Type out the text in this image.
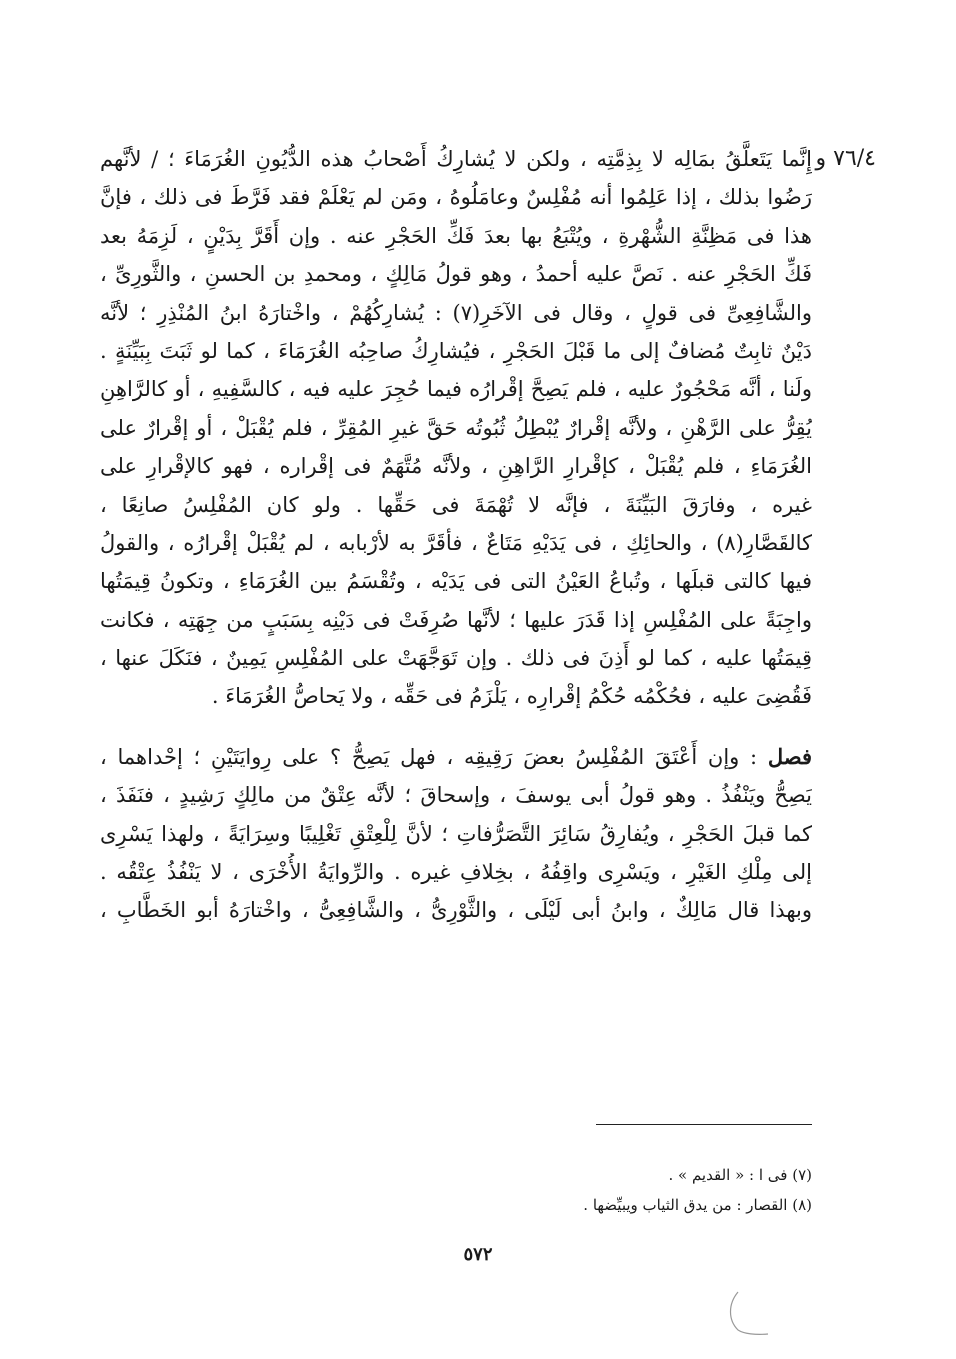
٧٦/٤ و
إِنَّما يَتَعلَّقُ بمَالِه لا بِذِمَّتِه ، ولكن لا يُشارِكُ أَصْحابُ هذه الدُّيُونِ الغُرَمَاءَ ؛ / لأنَّهم
رَضُوا بذلك ، إذا عَلِمُوا أنه مُفْلِسٌ وعامَلُوهُ ، ومَن لم يَعْلَمْ فقد فَرَّطَ فى ذلك ، فإنَّ
هذا فى مَظِنَّةِ الشُّهْرةِ ، ويُتْبَعُ بها بعدَ فَكِّ الحَجْرِ عنه . وإن أَقَرَّ بِدَيْنٍ ، لَزِمَهُ بعد
فَكِّ الحَجْرِ عنه . نَصَّ عليه أحمدُ ، وهو قولُ مَالِكٍ ، ومحمدِ بن الحسنِ ، والثَّورِىِّ ،
والشَّافِعِىِّ فى قولٍ ، وقال فى الآخَرِ(٧) : يُشارِكُهُمْ ، واخْتارَهُ ابنُ المُنْذِرِ ؛ لأنَّه
دَيْنٌ ثابِتٌ مُضافٌ إلى ما قَبْلَ الحَجْرِ ، فيُشارِكُ صاحِبُه الغُرَمَاءَ ، كما لو ثَبَتَ بِبَيِّنَةٍ .
ولَنا ، أنَّه مَحْجُورٌ عليه ، فلم يَصِحَّ إقْرارُه فيما حُجِرَ عليه فيه ، كالسَّفِيهِ ، أو كالرَّاهِنِ
يُقِرُّ على الرَّهْنِ ، ولأنَّه إقْرارٌ يُبْطِلُ ثُبُوتُه حَقَّ غيرِ المُقِرِّ ، فلم يُقْبَلْ ، أو إقْرارٌ على
الغُرَمَاءِ ، فلم يُقْبَلْ ، كإقْرارِ الرَّاهِنِ ، ولأنَّه مُتَّهَمٌ فى إقْراره ، فهو كالإقْرارِ على
غيره ، وفارَقَ البَيِّنَةَ ، فإنَّه لا تُهْمَةَ فى حَقِّها . ولو كان المُفْلِسُ صانِعًا ،
كالقَصَّارِ(٨) ، والحائِكِ ، فى يَدَيْهِ مَتَاعٌ ، فأقَرَّ به لأرْبابه ، لم يُقْبَلْ إقْرارُه ، والقولُ
فيها كالتى قبلَها ، وتُباعُ العَيْنُ التى فى يَدَيْه ، وتُقْسَمُ بين الغُرَمَاءِ ، وتكونُ قِيمَتُها
واجِبَةً على المُفْلِسِ إذا قَدَرَ عليها ؛ لأنَّها صُرِفَتْ فى دَيْنِه بِسَبَبٍ من جِهَتِه ، فكانت
قِيمَتُها عليه ، كما لو أَذِنَ فى ذلك . وإن تَوَجَّهَتْ على المُفْلِسِ يَمِينٌ ، فنَكَلَ عنها ،
فَقُضِىَ عليه ، فحُكْمُه حُكْمُ إقْرارِه ، يَلْزَمُ فى حَقِّه ، ولا يَحاصُّ الغُرَمَاءَ .
فصل : وإن أَعْتَقَ المُفْلِسُ بعضَ رَقِيقِه ، فهل يَصِحُّ ؟ على رِوايَتَيْنِ ؛ إحْداهما ،
يَصِحُّ ويَنْفُذُ . وهو قولُ أبى يوسفَ ، وإسحاقَ ؛ لأنَّه عِتْقٌ من مالِكٍ رَشِيدٍ ، فنَفَذَ ،
كما قبلَ الحَجْرِ ، ويُفارِقُ سَائِرَ التَّصَرُّفاتِ ؛ لأنَّ لِلْعِتْقِ تَغْلِيبًا وسِرَايَةً ، ولهذا يَسْرِى
إلى مِلْكِ الغَيْرِ ، ويَسْرِى واقِفُهُ ، بخِلافِ غيره . والرِّوايَةُ الأُخْرَى ، لا يَنْفُذُ عِتْقُه .
وبهذا قال مَالِكٌ ، وابنُ أبى لَيْلَى ، والثَّوْرِىُّ ، والشَّافِعِىُّ ، واخْتارَهُ أبو الخَطَّابِ ،
(٧) فى ا : « القديم » .
(٨) القصار : من يدق الثياب ويبيِّضها .
٥٧٢
